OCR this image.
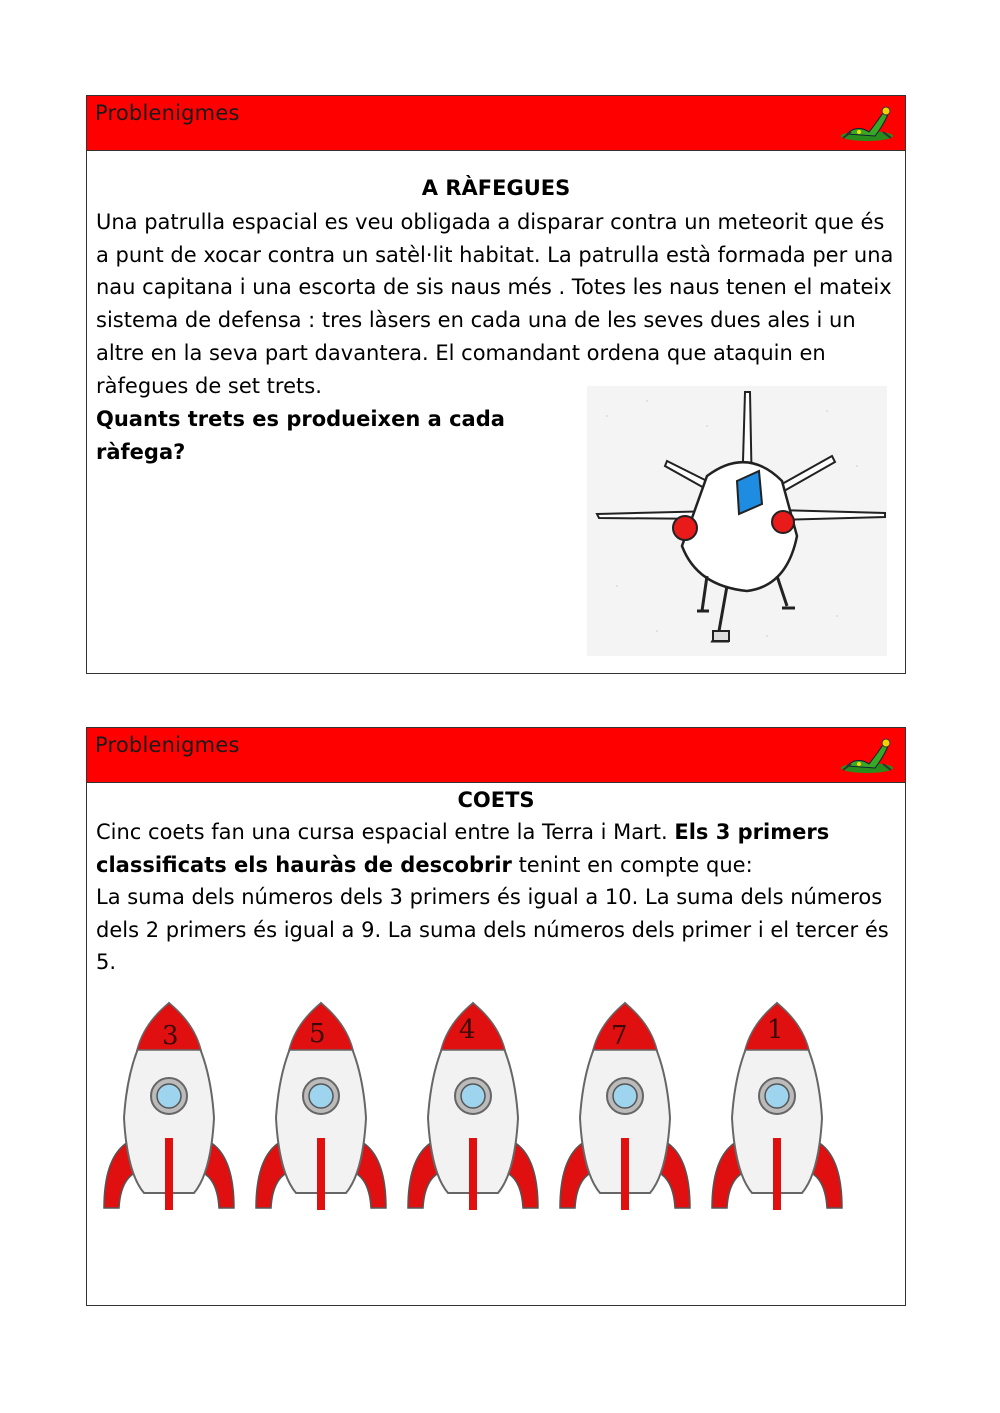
Problenigmes
A RÀFEGUES

Una patrulla espacial es veu obligada a disparar contra un meteorit que és a punt de xocar contra un satèl·lit habitat. La patrulla està formada per una nau capitana i una escorta de sis naus més . Totes les naus tenen el mateix sistema de defensa : tres làsers en cada una de les seves dues ales i un altre en la seva part davantera. El comandant ordena que ataquin en ràfegues de set trets.

Quants trets es produeixen a cada ràfega?

Problenigmes
COETS

Cinc coets fan una cursa espacial entre la Terra i Mart. Els 3 primers classificats els hauràs de descobrir tenint en compte que:

La suma dels números dels 3 primers és igual a 10. La suma dels números dels 2 primers és igual a 9. La suma dels números dels primer i el tercer és 5.

3	5	4	7	1
